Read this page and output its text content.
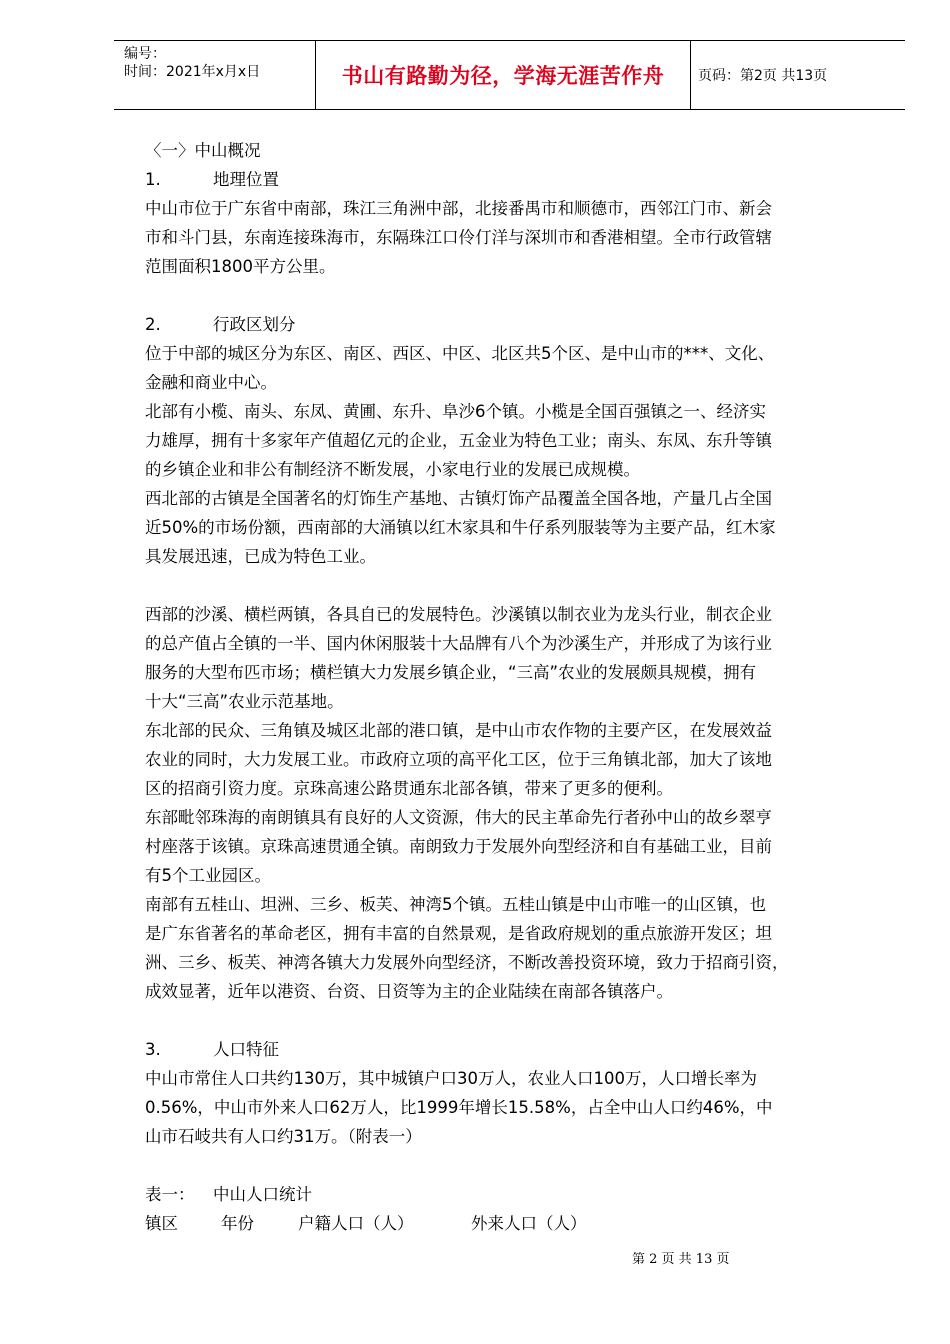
编号：
时间：2021年x月x日	书山有路勤为径，学海无涯苦作舟	页码：第2页 共13页
〈一〉中山概况
1.	地理位置
中山市位于广东省中南部，珠江三角洲中部，北接番禺市和顺德市，西邻江门市、新会
市和斗门县，东南连接珠海市，东隔珠江口伶仃洋与深圳市和香港相望。全市行政管辖
范围面积1800平方公里。
2.	行政区划分
位于中部的城区分为东区、南区、西区、中区、北区共5个区、是中山市的***、文化、
金融和商业中心。
北部有小榄、南头、东凤、黄圃、东升、阜沙6个镇。小榄是全国百强镇之一、经济实
力雄厚，拥有十多家年产值超亿元的企业，五金业为特色工业；南头、东凤、东升等镇
的乡镇企业和非公有制经济不断发展，小家电行业的发展已成规模。
西北部的古镇是全国著名的灯饰生产基地、古镇灯饰产品覆盖全国各地，产量几占全国
近50%的市场份额，西南部的大涌镇以红木家具和牛仔系列服装等为主要产品，红木家
具发展迅速，已成为特色工业。
西部的沙溪、横栏两镇，各具自已的发展特色。沙溪镇以制衣业为龙头行业，制衣企业
的总产值占全镇的一半、国内休闲服装十大品牌有八个为沙溪生产，并形成了为该行业
服务的大型布匹市场；横栏镇大力发展乡镇企业，“三高”农业的发展颇具规模，拥有
十大“三高”农业示范基地。
东北部的民众、三角镇及城区北部的港口镇，是中山市农作物的主要产区，在发展效益
农业的同时，大力发展工业。市政府立项的高平化工区，位于三角镇北部，加大了该地
区的招商引资力度。京珠高速公路贯通东北部各镇，带来了更多的便利。
东部毗邻珠海的南朗镇具有良好的人文资源，伟大的民主革命先行者孙中山的故乡翠亨
村座落于该镇。京珠高速贯通全镇。南朗致力于发展外向型经济和自有基础工业，目前
有5个工业园区。
南部有五桂山、坦洲、三乡、板芙、神湾5个镇。五桂山镇是中山市唯一的山区镇，也
是广东省著名的革命老区，拥有丰富的自然景观，是省政府规划的重点旅游开发区；坦
洲、三乡、板芙、神湾各镇大力发展外向型经济，不断改善投资环境，致力于招商引资，
成效显著，近年以港资、台资、日资等为主的企业陆续在南部各镇落户。
3.	人口特征
中山市常住人口共约130万，其中城镇户口30万人，农业人口100万，人口增长率为
0.56%，中山市外来人口62万人，比1999年增长15.58%，占全中山人口约46%，中
山市石岐共有人口约31万。（附表一）
表一： 中山人口统计
镇区	年份	户籍人口（人）	外来人口（人）
第 2 页 共 13 页
